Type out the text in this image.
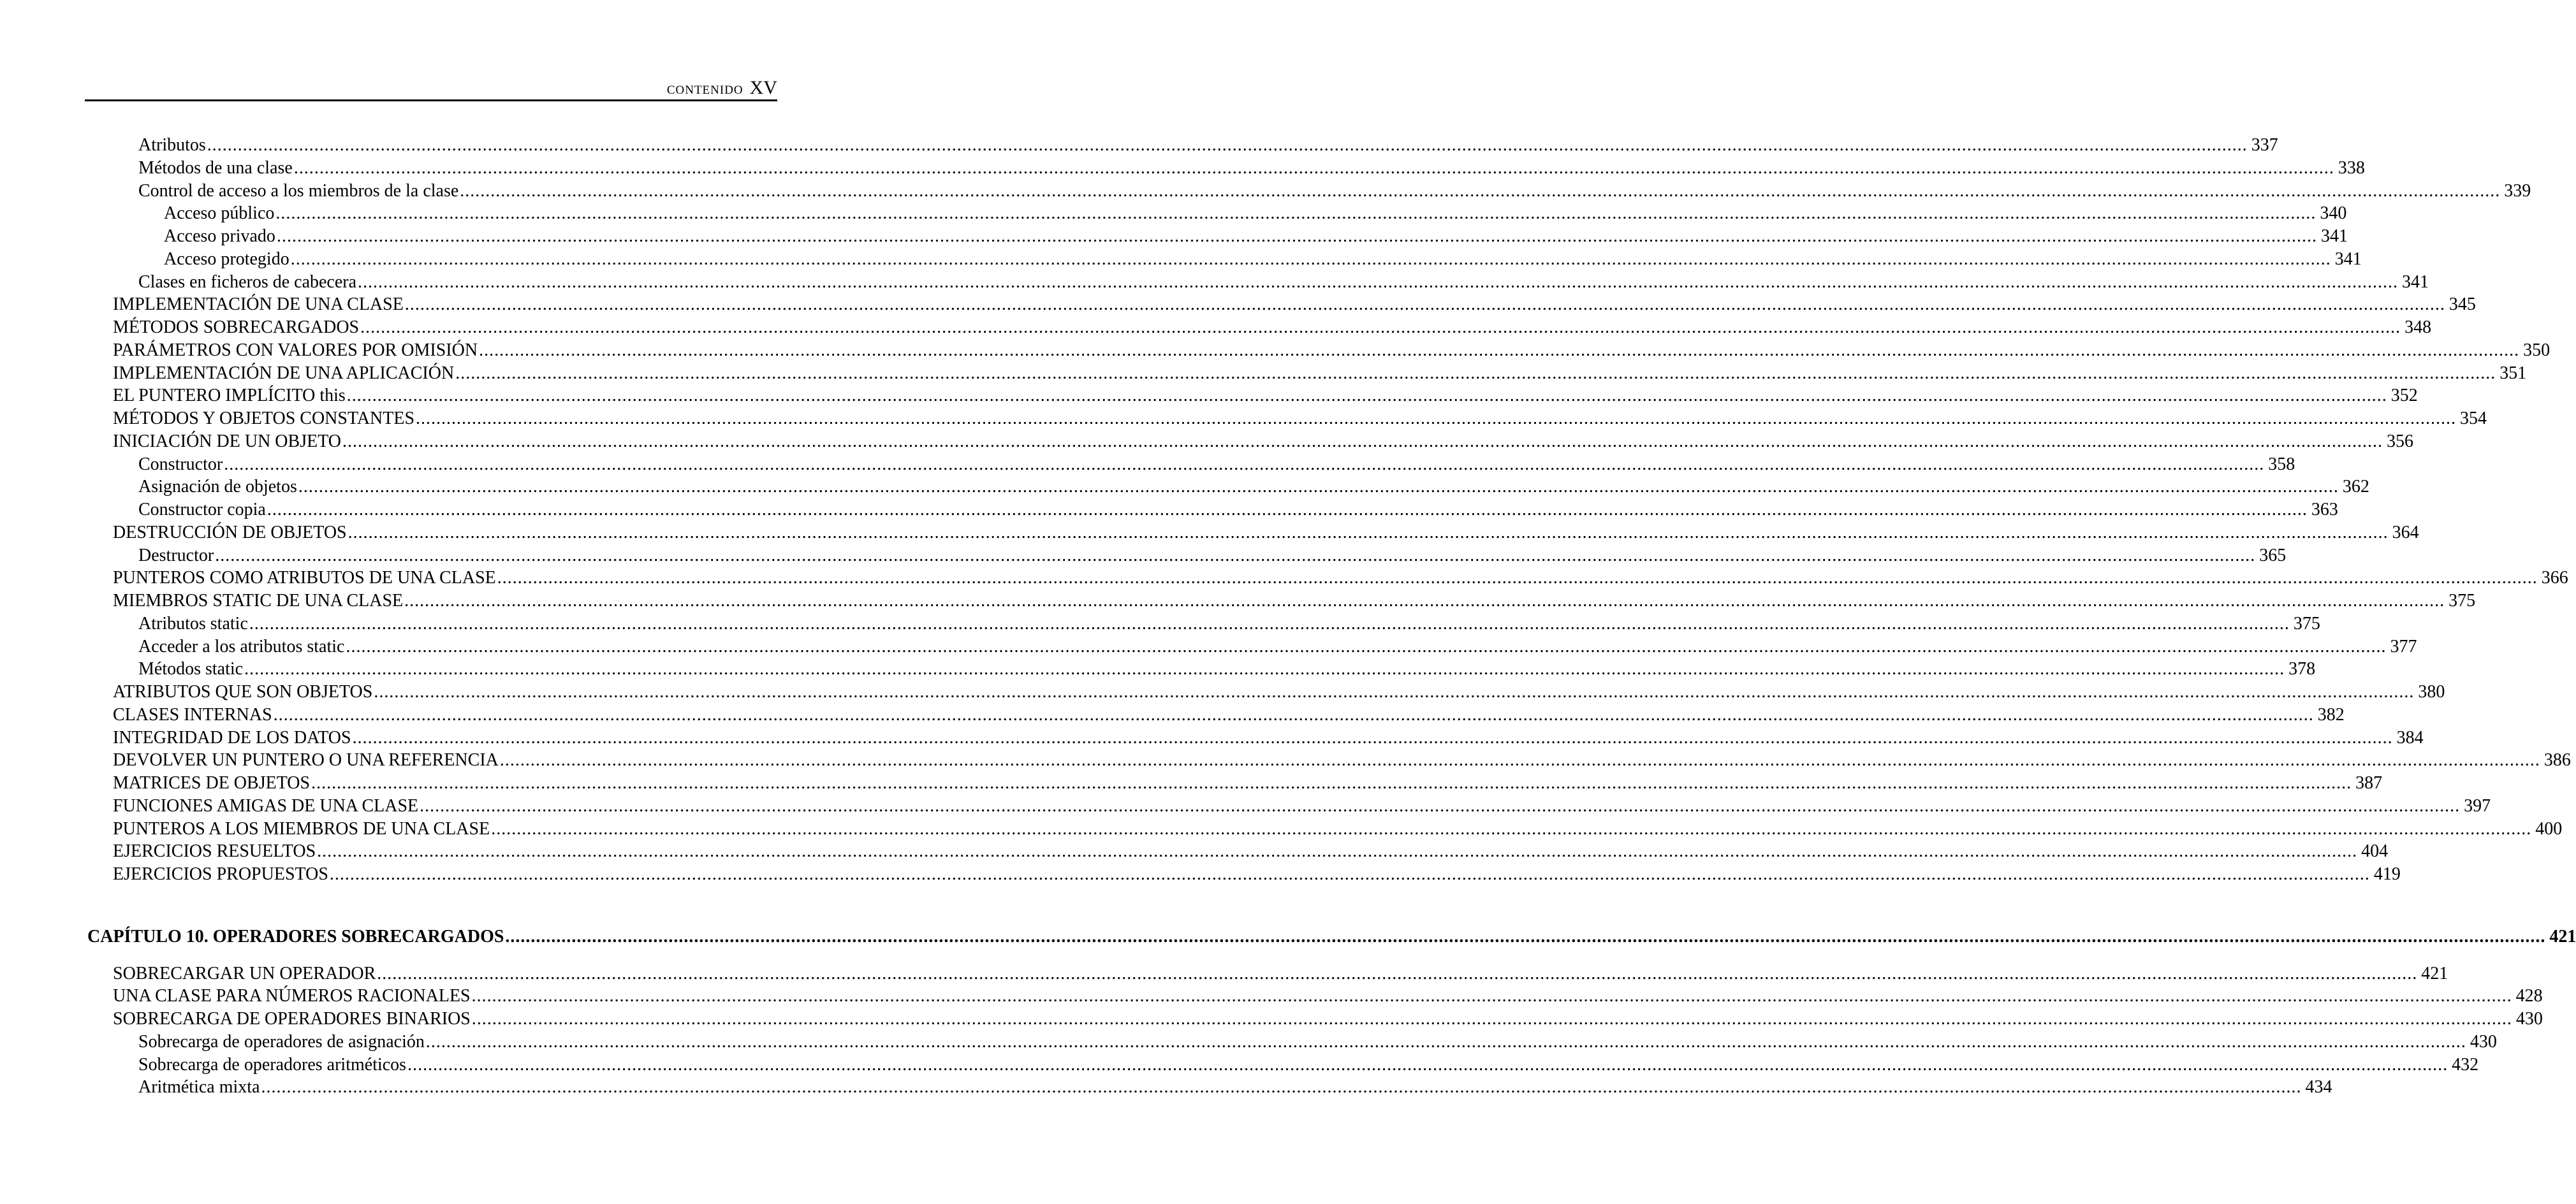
CONTENIDO XV
Atributos ................................................................................................................................................................................................................................................................................................................................................................................................................ 337
Métodos de una clase ................................................................................................................................................................................................................................................................................................................................................................................................................ 338
Control de acceso a los miembros de la clase ................................................................................................................................................................................................................................................................................................................................................................................................................ 339
Acceso público ................................................................................................................................................................................................................................................................................................................................................................................................................ 340
Acceso privado ................................................................................................................................................................................................................................................................................................................................................................................................................ 341
Acceso protegido ................................................................................................................................................................................................................................................................................................................................................................................................................ 341
Clases en ficheros de cabecera ................................................................................................................................................................................................................................................................................................................................................................................................................ 341
IMPLEMENTACIÓN DE UNA CLASE ................................................................................................................................................................................................................................................................................................................................................................................................................ 345
MÉTODOS SOBRECARGADOS ................................................................................................................................................................................................................................................................................................................................................................................................................ 348
PARÁMETROS CON VALORES POR OMISIÓN ................................................................................................................................................................................................................................................................................................................................................................................................................ 350
IMPLEMENTACIÓN DE UNA APLICACIÓN ................................................................................................................................................................................................................................................................................................................................................................................................................ 351
EL PUNTERO IMPLÍCITO this ................................................................................................................................................................................................................................................................................................................................................................................................................ 352
MÉTODOS Y OBJETOS CONSTANTES ................................................................................................................................................................................................................................................................................................................................................................................................................ 354
INICIACIÓN DE UN OBJETO ................................................................................................................................................................................................................................................................................................................................................................................................................ 356
Constructor ................................................................................................................................................................................................................................................................................................................................................................................................................ 358
Asignación de objetos ................................................................................................................................................................................................................................................................................................................................................................................................................ 362
Constructor copia ................................................................................................................................................................................................................................................................................................................................................................................................................ 363
DESTRUCCIÓN DE OBJETOS ................................................................................................................................................................................................................................................................................................................................................................................................................ 364
Destructor ................................................................................................................................................................................................................................................................................................................................................................................................................ 365
PUNTEROS COMO ATRIBUTOS DE UNA CLASE ................................................................................................................................................................................................................................................................................................................................................................................................................ 366
MIEMBROS STATIC DE UNA CLASE ................................................................................................................................................................................................................................................................................................................................................................................................................ 375
Atributos static ................................................................................................................................................................................................................................................................................................................................................................................................................ 375
Acceder a los atributos static ................................................................................................................................................................................................................................................................................................................................................................................................................ 377
Métodos static ................................................................................................................................................................................................................................................................................................................................................................................................................ 378
ATRIBUTOS QUE SON OBJETOS ................................................................................................................................................................................................................................................................................................................................................................................................................ 380
CLASES INTERNAS ................................................................................................................................................................................................................................................................................................................................................................................................................ 382
INTEGRIDAD DE LOS DATOS ................................................................................................................................................................................................................................................................................................................................................................................................................ 384
DEVOLVER UN PUNTERO O UNA REFERENCIA ................................................................................................................................................................................................................................................................................................................................................................................................................ 386
MATRICES DE OBJETOS ................................................................................................................................................................................................................................................................................................................................................................................................................ 387
FUNCIONES AMIGAS DE UNA CLASE ................................................................................................................................................................................................................................................................................................................................................................................................................ 397
PUNTEROS A LOS MIEMBROS DE UNA CLASE ................................................................................................................................................................................................................................................................................................................................................................................................................ 400
EJERCICIOS RESUELTOS ................................................................................................................................................................................................................................................................................................................................................................................................................ 404
EJERCICIOS PROPUESTOS ................................................................................................................................................................................................................................................................................................................................................................................................................ 419
CAPÍTULO 10. OPERADORES SOBRECARGADOS ................................................................................................................................................................................................................................................................................................................................................................................................................ 421
SOBRECARGAR UN OPERADOR ................................................................................................................................................................................................................................................................................................................................................................................................................ 421
UNA CLASE PARA NÚMEROS RACIONALES ................................................................................................................................................................................................................................................................................................................................................................................................................ 428
SOBRECARGA DE OPERADORES BINARIOS ................................................................................................................................................................................................................................................................................................................................................................................................................ 430
Sobrecarga de operadores de asignación ................................................................................................................................................................................................................................................................................................................................................................................................................ 430
Sobrecarga de operadores aritméticos ................................................................................................................................................................................................................................................................................................................................................................................................................ 432
Aritmética mixta ................................................................................................................................................................................................................................................................................................................................................................................................................ 434
